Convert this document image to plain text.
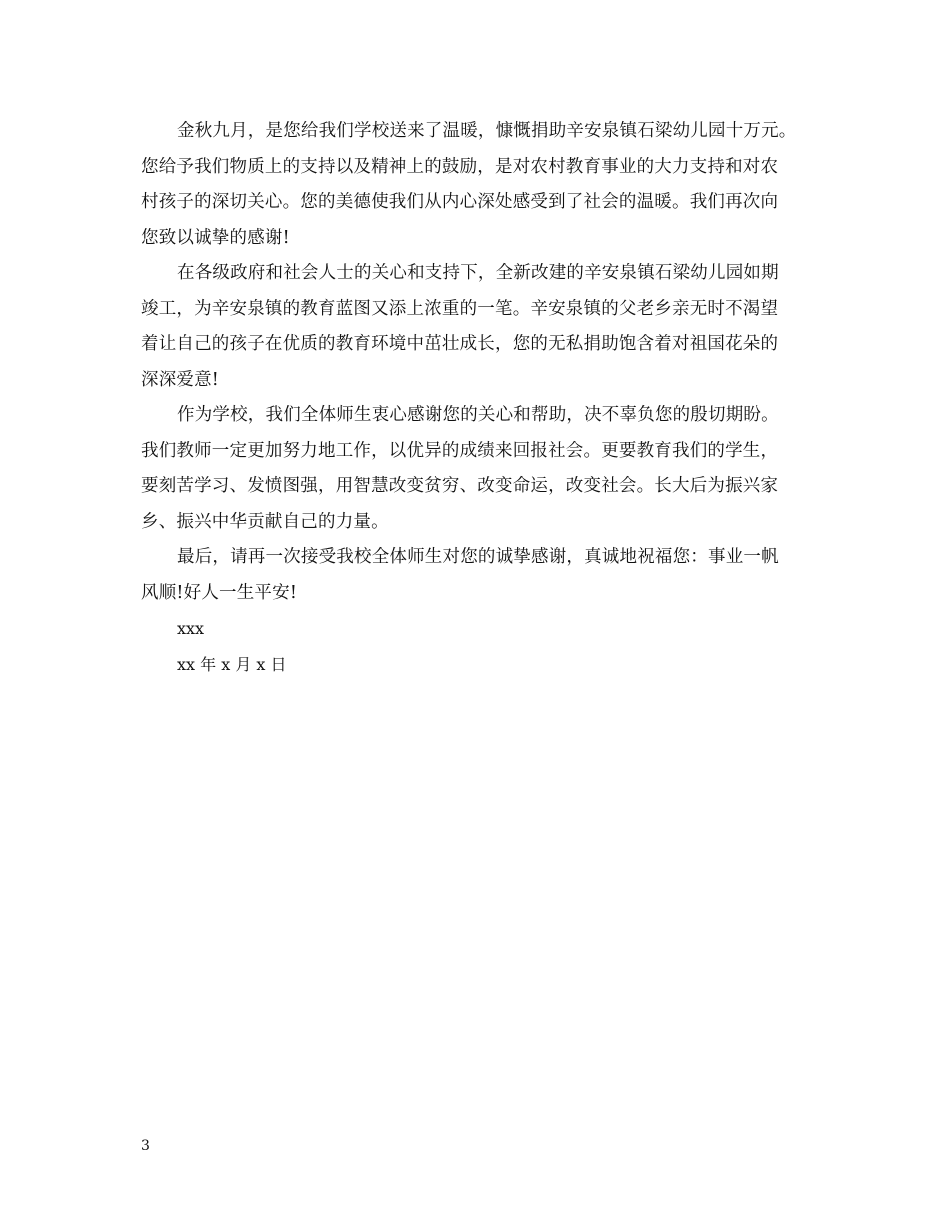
金秋九月，是您给我们学校送来了温暖，慷慨捐助辛安泉镇石梁幼儿园十万元。
您给予我们物质上的支持以及精神上的鼓励，是对农村教育事业的大力支持和对农
村孩子的深切关心。您的美德使我们从内心深处感受到了社会的温暖。我们再次向
您致以诚挚的感谢!

在各级政府和社会人士的关心和支持下，全新改建的辛安泉镇石梁幼儿园如期
竣工，为辛安泉镇的教育蓝图又添上浓重的一笔。辛安泉镇的父老乡亲无时不渴望
着让自己的孩子在优质的教育环境中茁壮成长，您的无私捐助饱含着对祖国花朵的
深深爱意!

作为学校，我们全体师生衷心感谢您的关心和帮助，决不辜负您的殷切期盼。
我们教师一定更加努力地工作，以优异的成绩来回报社会。更要教育我们的学生，
要刻苦学习、发愤图强，用智慧改变贫穷、改变命运，改变社会。长大后为振兴家
乡、振兴中华贡献自己的力量。

最后，请再一次接受我校全体师生对您的诚挚感谢，真诚地祝福您：事业一帆
风顺!好人一生平安!

xxx

xx 年 x 月 x 日

3
